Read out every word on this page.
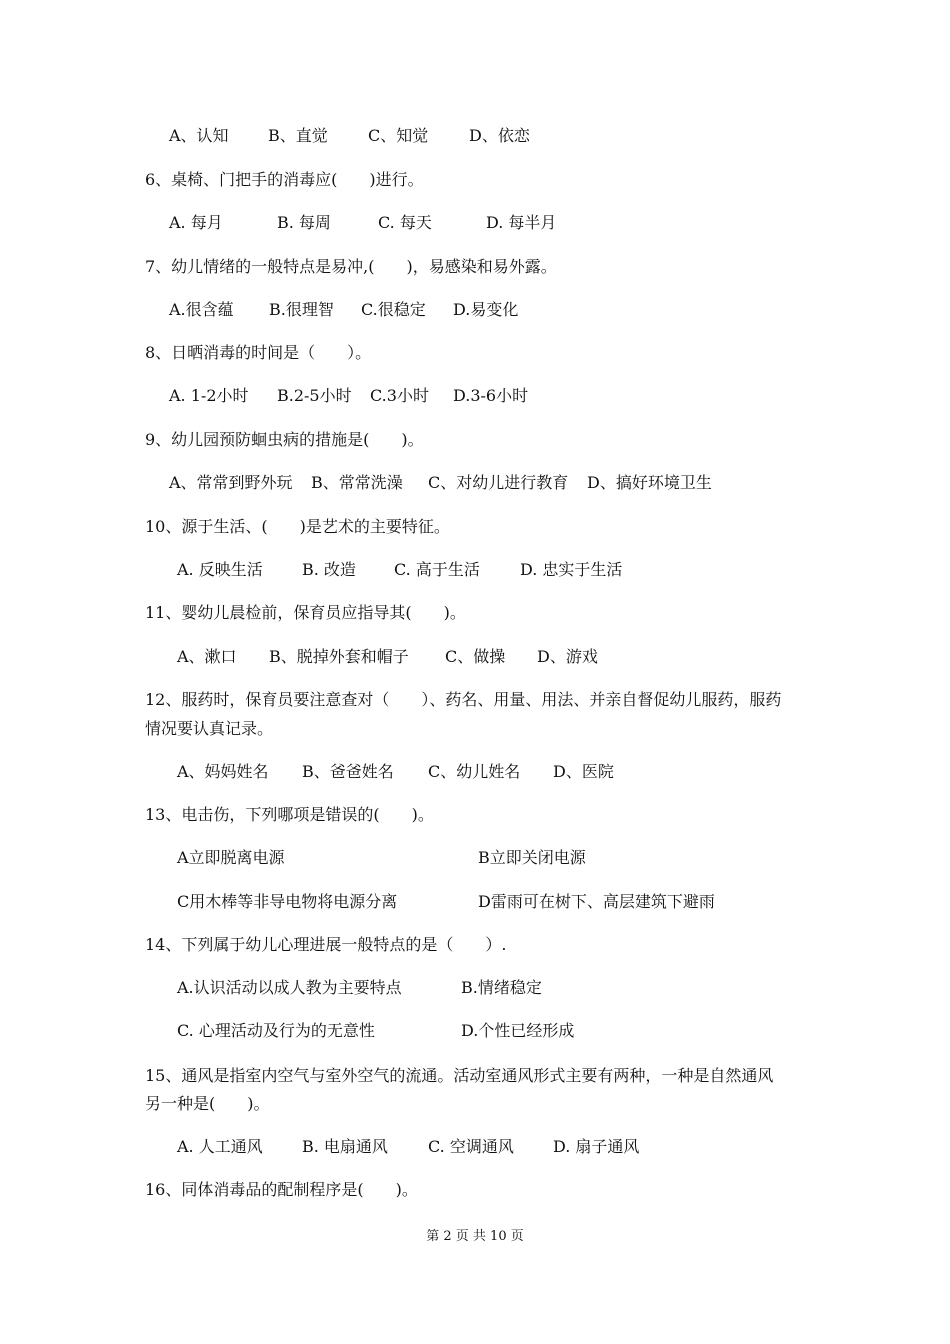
A、认知 B、直觉	C、知觉	D、依恋
6、桌椅、门把手的消毒应(　　)进行。
A. 每月	B. 每周	C. 每天	D. 每半月
7、幼儿情绪的一般特点是易冲,(　　)，易感染和易外露。
A.很含蕴 B.很理智 C.很稳定 D.易变化
8、日晒消毒的时间是（　　）。
A. 1-2小时 B.2-5小时 C.3小时 D.3-6小时
9、幼儿园预防蛔虫病的措施是(　　)。
A、常常到野外玩 B、常常洗澡 C、对幼儿进行教育 D、搞好环境卫生
10、源于生活、(　　)是艺术的主要特征。
A. 反映生活 B. 改造 C. 高于生活	D. 忠实于生活
11、婴幼儿晨检前，保育员应指导其(　　)。
A、漱口 B、脱掉外套和帽子 C、做操 D、游戏
12、服药时，保育员要注意查对（　　）、药名、用量、用法、并亲自督促幼儿服药，服药
情况要认真记录。
A、妈妈姓名 B、爸爸姓名 C、幼儿姓名 D、医院
13、电击伤，下列哪项是错误的(　　)。
A立即脱离电源	B立即关闭电源
C用木棒等非导电物将电源分离	D雷雨可在树下、高层建筑下避雨
14、下列属于幼儿心理进展一般特点的是（　　）.
A.认识活动以成人教为主要特点	B.情绪稳定
C. 心理活动及行为的无意性	D.个性已经形成
15、通风是指室内空气与室外空气的流通。活动室通风形式主要有两种，一种是自然通风
另一种是(　　)。
A. 人工通风 B. 电扇通风	C. 空调通风 D. 扇子通风
16、同体消毒品的配制程序是(　　)。
第 2 页 共 10 页
